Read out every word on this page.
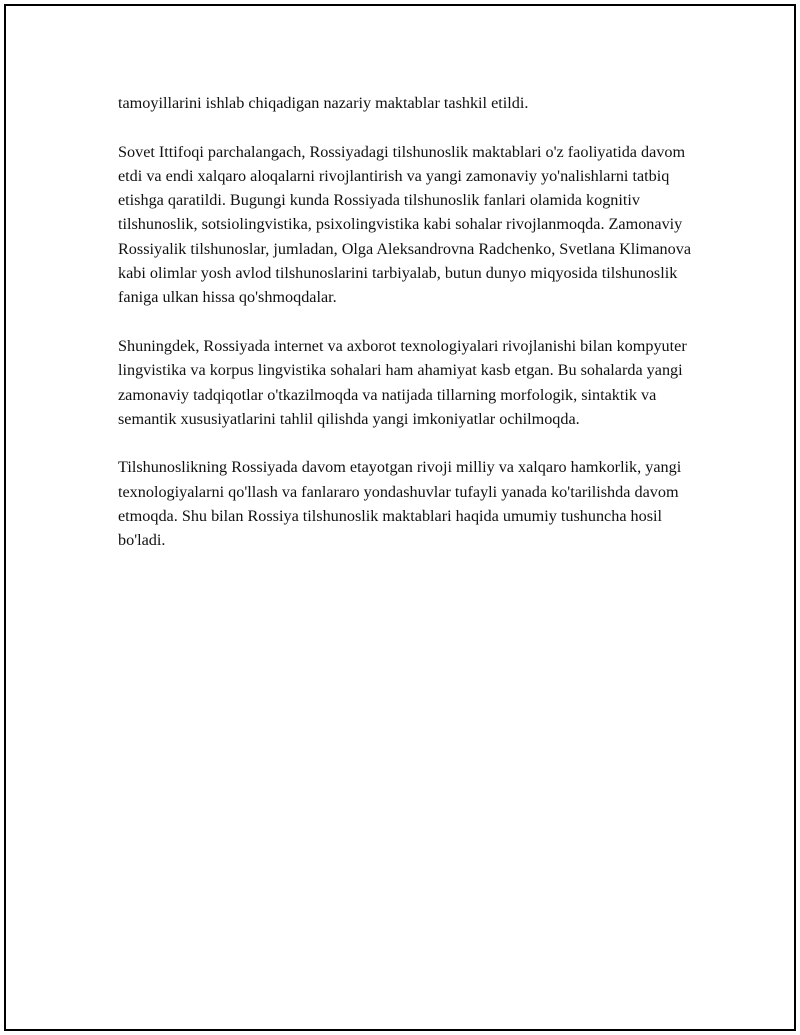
tamoyillarini ishlab chiqadigan nazariy maktablar tashkil etildi.

Sovet Ittifoqi parchalangach, Rossiyadagi tilshunoslik maktablari o'z faoliyatida davom etdi va endi xalqaro aloqalarni rivojlantirish va yangi zamonaviy yo'nalishlarni tatbiq etishga qaratildi. Bugungi kunda Rossiyada tilshunoslik fanlari olamida kognitiv tilshunoslik, sotsiolingvistika, psixolingvistika kabi sohalar rivojlanmoqda. Zamonaviy Rossiyalik tilshunoslar, jumladan, Olga Aleksandrovna Radchenko, Svetlana Klimanova kabi olimlar yosh avlod tilshunoslarini tarbiyalab, butun dunyo miqyosida tilshunoslik faniga ulkan hissa qo'shmoqdalar.

Shuningdek, Rossiyada internet va axborot texnologiyalari rivojlanishi bilan kompyuter lingvistika va korpus lingvistika sohalari ham ahamiyat kasb etgan. Bu sohalarda yangi zamonaviy tadqiqotlar o'tkazilmoqda va natijada tillarning morfologik, sintaktik va semantik xususiyatlarini tahlil qilishda yangi imkoniyatlar ochilmoqda.

Tilshunoslikning Rossiyada davom etayotgan rivoji milliy va xalqaro hamkorlik, yangi texnologiyalarni qo'llash va fanlararo yondashuvlar tufayli yanada ko'tarilishda davom etmoqda. Shu bilan Rossiya tilshunoslik maktablari haqida umumiy tushuncha hosil bo'ladi.
